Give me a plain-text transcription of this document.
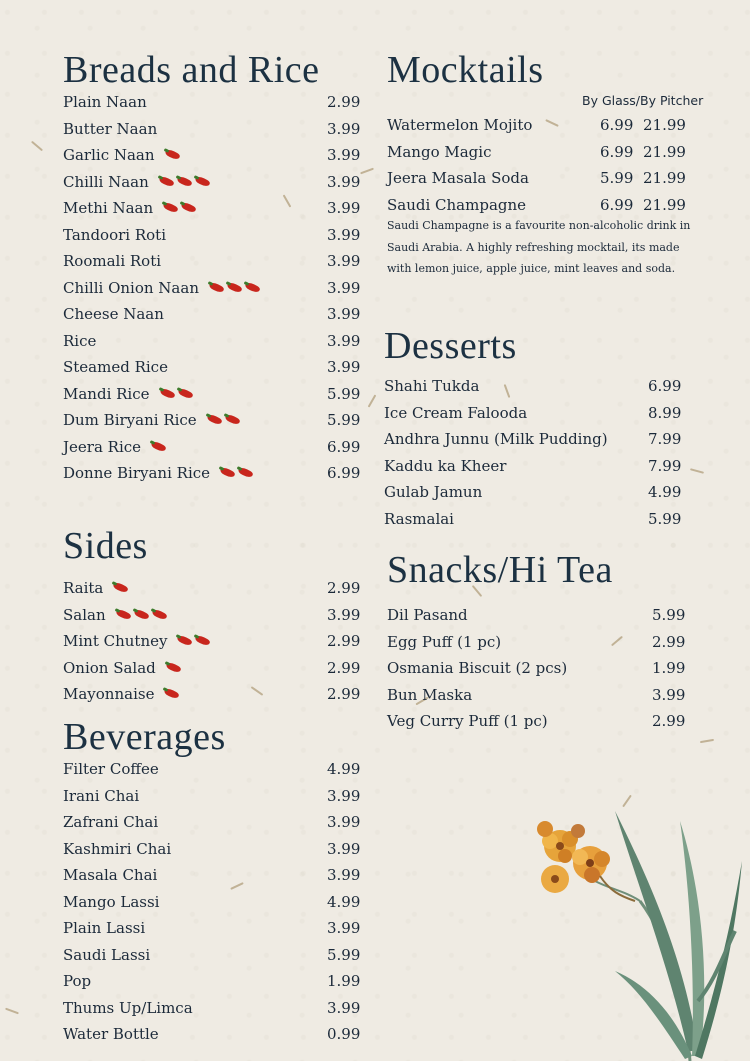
Breads and Rice
Plain Naan	2.99
Butter Naan	3.99
Garlic Naan	3.99
Chilli Naan	3.99
Methi Naan	3.99
Tandoori Roti	3.99
Roomali Roti	3.99
Chilli Onion Naan	3.99
Cheese Naan	3.99
Rice	3.99
Steamed Rice	3.99
Mandi Rice	5.99
Dum Biryani Rice	5.99
Jeera Rice	6.99
Donne Biryani Rice	6.99
Sides
Raita	2.99
Salan	3.99
Mint Chutney	2.99
Onion Salad	2.99
Mayonnaise	2.99
Beverages
Filter Coffee	4.99
Irani Chai	3.99
Zafrani Chai	3.99
Kashmiri Chai	3.99
Masala Chai	3.99
Mango Lassi	4.99
Plain Lassi	3.99
Saudi Lassi	5.99
Pop	1.99
Thums Up/Limca	3.99
Water Bottle	0.99
Mocktails
By Glass/By Pitcher
Watermelon Mojito	6.99 21.99
Mango Magic	6.99 21.99
Jeera Masala Soda	5.99 21.99
Saudi Champagne	6.99 21.99
Saudi Champagne is a favourite non-alcoholic drink in Saudi Arabia. A highly refreshing mocktail, its made with lemon juice, apple juice, mint leaves and soda.
Desserts
Shahi Tukda	6.99
Ice Cream Falooda	8.99
Andhra Junnu (Milk Pudding)	7.99
Kaddu ka Kheer	7.99
Gulab Jamun	4.99
Rasmalai	5.99
Snacks/Hi Tea
Dil Pasand	5.99
Egg Puff (1 pc)	2.99
Osmania Biscuit (2 pcs)	1.99
Bun Maska	3.99
Veg Curry Puff (1 pc)	2.99
